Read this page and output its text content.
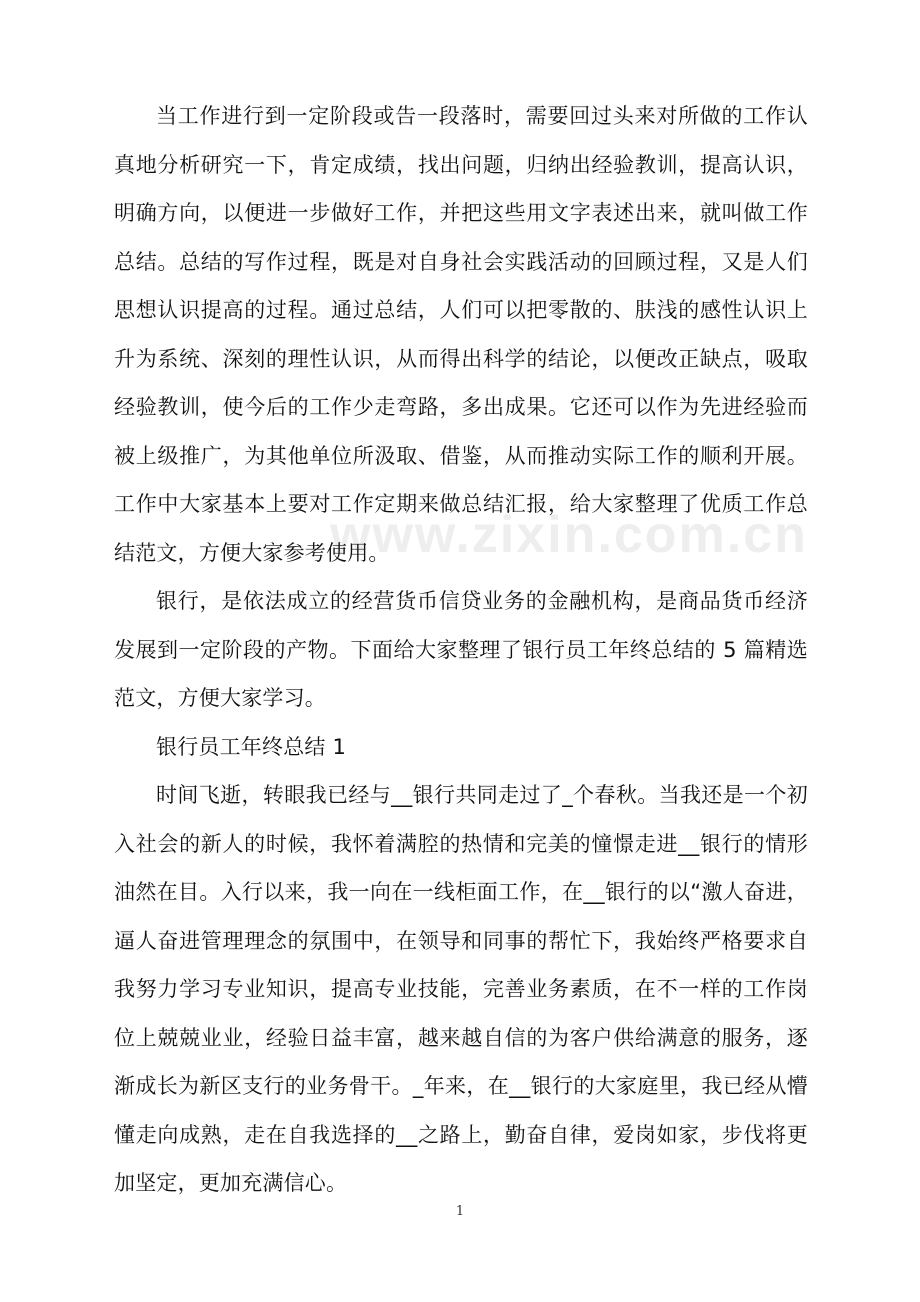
www.zixin.com.cn

当工作进行到一定阶段或告一段落时，需要回过头来对所做的工作认真地分析研究一下，肯定成绩，找出问题，归纳出经验教训，提高认识，明确方向，以便进一步做好工作，并把这些用文字表述出来，就叫做工作总结。总结的写作过程，既是对自身社会实践活动的回顾过程，又是人们思想认识提高的过程。通过总结，人们可以把零散的、肤浅的感性认识上升为系统、深刻的理性认识，从而得出科学的结论，以便改正缺点，吸取经验教训，使今后的工作少走弯路，多出成果。它还可以作为先进经验而被上级推广，为其他单位所汲取、借鉴，从而推动实际工作的顺利开展。工作中大家基本上要对工作定期来做总结汇报，给大家整理了优质工作总结范文，方便大家参考使用。

银行，是依法成立的经营货币信贷业务的金融机构，是商品货币经济发展到一定阶段的产物。下面给大家整理了银行员工年终总结的 5 篇精选范文，方便大家学习。

银行员工年终总结 1

时间飞逝，转眼我已经与__银行共同走过了_个春秋。当我还是一个初入社会的新人的时候，我怀着满腔的热情和完美的憧憬走进__银行的情形油然在目。入行以来，我一向在一线柜面工作，在__银行的以“激人奋进，逼人奋进管理理念的氛围中，在领导和同事的帮忙下，我始终严格要求自我努力学习专业知识，提高专业技能，完善业务素质，在不一样的工作岗位上兢兢业业，经验日益丰富，越来越自信的为客户供给满意的服务，逐渐成长为新区支行的业务骨干。_年来，在__银行的大家庭里，我已经从懵懂走向成熟，走在自我选择的__之路上，勤奋自律，爱岗如家，步伐将更加坚定，更加充满信心。

1
